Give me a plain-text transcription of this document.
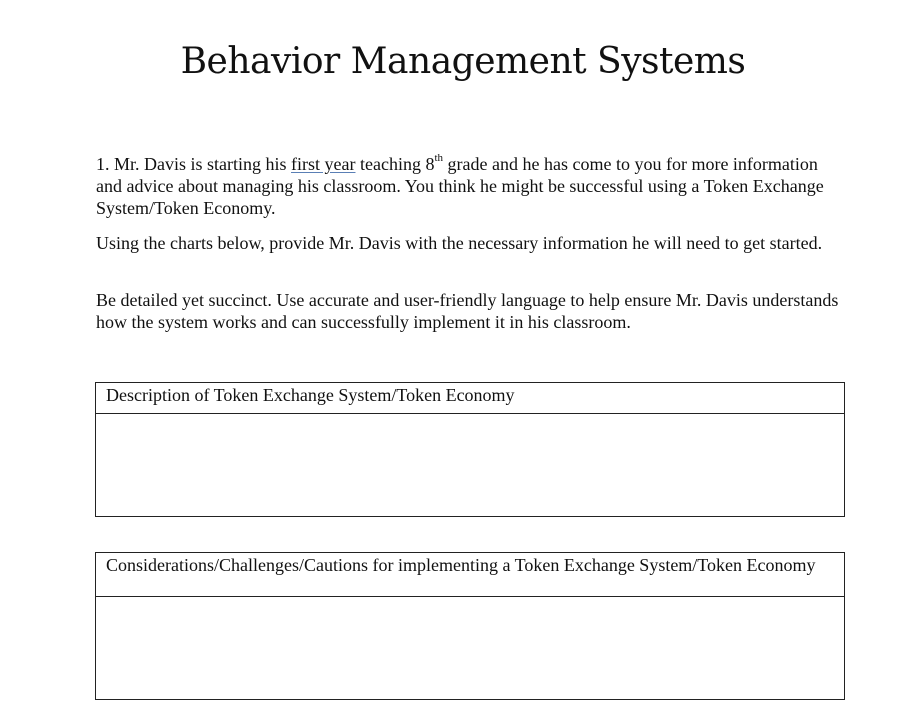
Behavior Management Systems

1. Mr. Davis is starting his first year teaching 8th grade and he has come to you for more information and advice about managing his classroom. You think he might be successful using a Token Exchange System/Token Economy.

Using the charts below, provide Mr. Davis with the necessary information he will need to get started.

Be detailed yet succinct. Use accurate and user-friendly language to help ensure Mr. Davis understands how the system works and can successfully implement it in his classroom.

Description of Token Exchange System/Token Economy
Considerations/Challenges/Cautions for implementing a Token Exchange System/Token Economy
